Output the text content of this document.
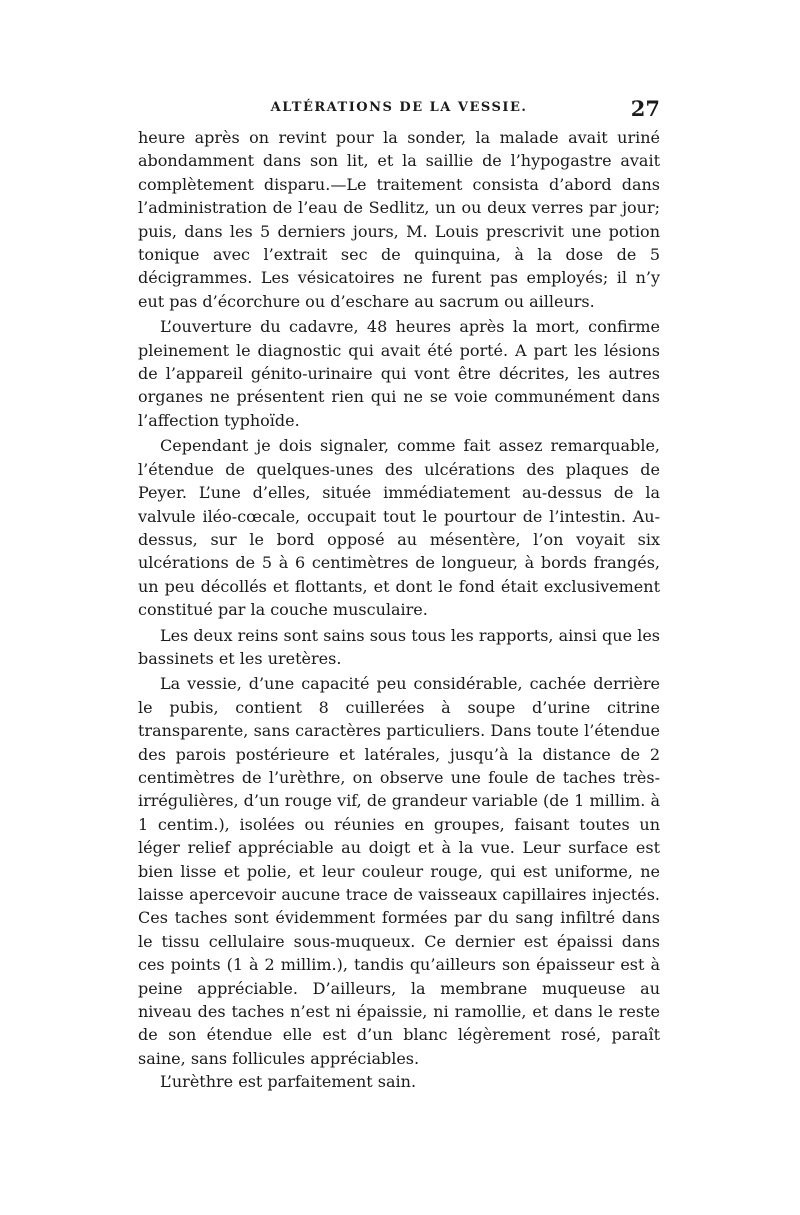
ALTÉRATIONS DE LA VESSIE.	27

heure après on revint pour la sonder, la malade avait uriné abondamment dans son lit, et la saillie de l’hypogastre avait complètement disparu.—Le traitement consista d’abord dans l’administration de l’eau de Sedlitz, un ou deux verres par jour; puis, dans les 5 derniers jours, M. Louis prescrivit une potion tonique avec l’extrait sec de quinquina, à la dose de 5 décigrammes. Les vésicatoires ne furent pas employés; il n’y eut pas d’écorchure ou d’eschare au sacrum ou ailleurs.

L’ouverture du cadavre, 48 heures après la mort, confirme pleinement le diagnostic qui avait été porté. A part les lésions de l’appareil génito-urinaire qui vont être décrites, les autres organes ne présentent rien qui ne se voie communément dans l’affection typhoïde.

Cependant je dois signaler, comme fait assez remarquable, l’étendue de quelques-unes des ulcérations des plaques de Peyer. L’une d’elles, située immédiatement au-dessus de la valvule iléo-cœcale, occupait tout le pourtour de l’intestin. Au-dessus, sur le bord opposé au mésentère, l’on voyait six ulcérations de 5 à 6 centimètres de longueur, à bords frangés, un peu décollés et flottants, et dont le fond était exclusivement constitué par la couche musculaire.

Les deux reins sont sains sous tous les rapports, ainsi que les bassinets et les uretères.

La vessie, d’une capacité peu considérable, cachée derrière le pubis, contient 8 cuillerées à soupe d’urine citrine transparente, sans caractères particuliers. Dans toute l’étendue des parois postérieure et latérales, jusqu’à la distance de 2 centimètres de l’urèthre, on observe une foule de taches très-irrégulières, d’un rouge vif, de grandeur variable (de 1 millim. à 1 centim.), isolées ou réunies en groupes, faisant toutes un léger relief appréciable au doigt et à la vue. Leur surface est bien lisse et polie, et leur couleur rouge, qui est uniforme, ne laisse apercevoir aucune trace de vaisseaux capillaires injectés. Ces taches sont évidemment formées par du sang infiltré dans le tissu cellulaire sous-muqueux. Ce dernier est épaissi dans ces points (1 à 2 millim.), tandis qu’ailleurs son épaisseur est à peine appréciable. D’ailleurs, la membrane muqueuse au niveau des taches n’est ni épaissie, ni ramollie, et dans le reste de son étendue elle est d’un blanc légèrement rosé, paraît saine, sans follicules appréciables.

L’urèthre est parfaitement sain.
